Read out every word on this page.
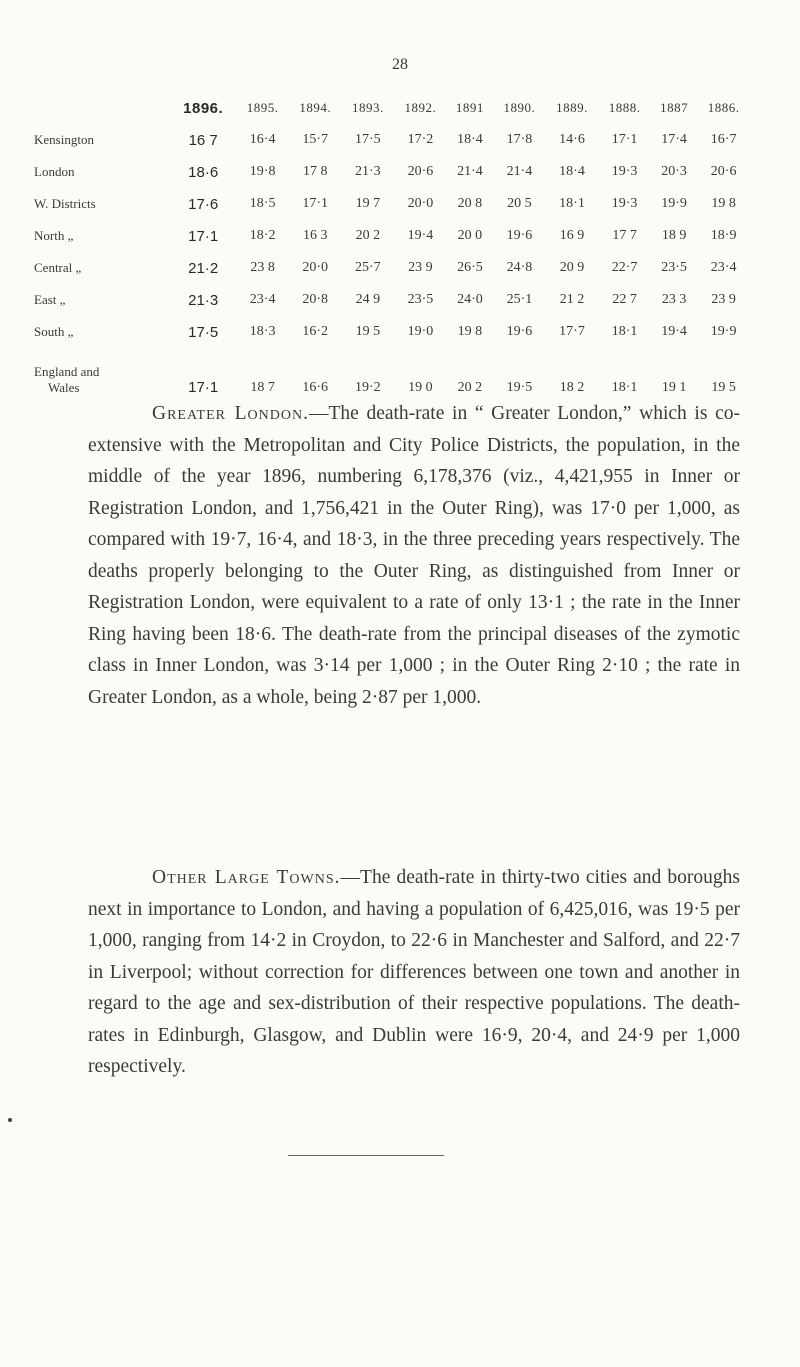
28
	1896.	1895.	1894.	1893.	1892.	1891	1890.	1889.	1888.	1887	1886.
Kensington	16 7	16·4	15·7	17·5	17·2	18·4	17·8	14·6	17·1	17·4	16·7
London	18·6	19·8	17 8	21·3	20·6	21·4	21·4	18·4	19·3	20·3	20·6
W. Districts	17·6	18·5	17·1	19 7	20·0	20 8	20 5	18·1	19·3	19·9	19 8
North „	17·1	18·2	16 3	20 2	19·4	20 0	19·6	16 9	17 7	18 9	18·9
Central „	21·2	23 8	20·0	25·7	23 9	26·5	24·8	20 9	22·7	23·5	23·4
East „	21·3	23·4	20·8	24 9	23·5	24·0	25·1	21 2	22 7	23 3	23 9
South „	17·5	18·3	16·2	19 5	19·0	19 8	19·6	17·7	18·1	19·4	19·9
England and
Wales	17·1	18 7	16·6	19·2	19 0	20 2	19·5	18 2	18·1	19 1	19 5
Greater London.—The death-rate in “ Greater London,” which is co-extensive with the Metropolitan and City Police Districts, the population, in the middle of the year 1896, numbering 6,178,376 (viz., 4,421,955 in Inner or Registration London, and 1,756,421 in the Outer Ring), was 17·0 per 1,000, as compared with 19·7, 16·4, and 18·3, in the three preceding years respectively. The deaths properly belonging to the Outer Ring, as distinguished from Inner or Registration London, were equivalent to a rate of only 13·1 ; the rate in the Inner Ring having been 18·6. The death-rate from the principal diseases of the zymotic class in Inner London, was 3·14 per 1,000 ; in the Outer Ring 2·10 ; the rate in Greater London, as a whole, being 2·87 per 1,000.
Other Large Towns.—The death-rate in thirty-two cities and boroughs next in importance to London, and having a population of 6,425,016, was 19·5 per 1,000, ranging from 14·2 in Croydon, to 22·6 in Manchester and Salford, and 22·7 in Liverpool; without correction for differences between one town and another in regard to the age and sex-distribution of their respective populations. The death-rates in Edinburgh, Glasgow, and Dublin were 16·9, 20·4, and 24·9 per 1,000 respectively.
